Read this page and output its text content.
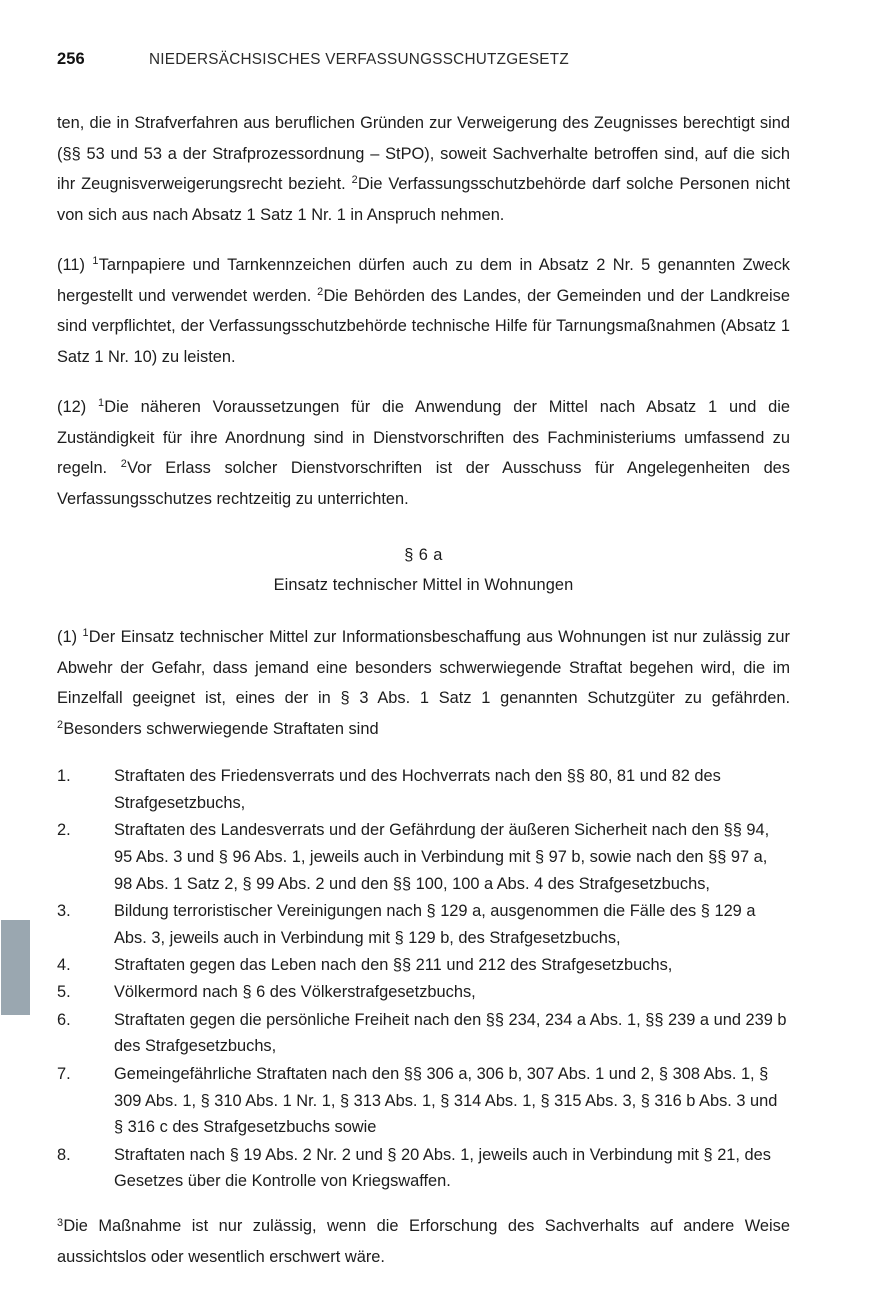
256	NIEDERSÄCHSISCHES VERFASSUNGSSCHUTZGESETZ

ten, die in Strafverfahren aus beruflichen Gründen zur Verweigerung des Zeugnisses berechtigt sind (§§ 53 und 53 a der Strafprozessordnung – StPO), soweit Sachverhalte betroffen sind, auf die sich ihr Zeugnisverweigerungsrecht bezieht. $^2$Die Verfassungsschutzbehörde darf solche Personen nicht von sich aus nach Absatz 1 Satz 1 Nr. 1 in Anspruch nehmen.

(11) $^1$Tarnpapiere und Tarnkennzeichen dürfen auch zu dem in Absatz 2 Nr. 5 genannten Zweck hergestellt und verwendet werden. $^2$Die Behörden des Landes, der Gemeinden und der Landkreise sind verpflichtet, der Verfassungsschutzbehörde technische Hilfe für Tarnungsmaßnahmen (Absatz 1 Satz 1 Nr. 10) zu leisten.

(12) $^1$Die näheren Voraussetzungen für die Anwendung der Mittel nach Absatz 1 und die Zuständigkeit für ihre Anordnung sind in Dienstvorschriften des Fachministeriums umfassend zu regeln. $^2$Vor Erlass solcher Dienstvorschriften ist der Ausschuss für Angelegenheiten des Verfassungsschutzes rechtzeitig zu unterrichten.

§ 6 a
Einsatz technischer Mittel in Wohnungen

(1) $^1$Der Einsatz technischer Mittel zur Informationsbeschaffung aus Wohnungen ist nur zulässig zur Abwehr der Gefahr, dass jemand eine besonders schwerwiegende Straftat begehen wird, die im Einzelfall geeignet ist, eines der in § 3 Abs. 1 Satz 1 genannten Schutzgüter zu gefährden. $^2$Besonders schwerwiegende Straftaten sind

1.	Straftaten des Friedensverrats und des Hochverrats nach den §§ 80, 81 und 82 des Strafgesetzbuchs,
2.	Straftaten des Landesverrats und der Gefährdung der äußeren Sicherheit nach den §§ 94, 95 Abs. 3 und § 96 Abs. 1, jeweils auch in Verbindung mit § 97 b, sowie nach den §§ 97 a, 98 Abs. 1 Satz 2, § 99 Abs. 2 und den §§ 100, 100 a Abs. 4 des Strafgesetzbuchs,
3.	Bildung terroristischer Vereinigungen nach § 129 a, ausgenommen die Fälle des § 129 a Abs. 3, jeweils auch in Verbindung mit § 129 b, des Strafgesetzbuchs,
4.	Straftaten gegen das Leben nach den §§ 211 und 212 des Strafgesetzbuchs,
5.	Völkermord nach § 6 des Völkerstrafgesetzbuchs,
6.	Straftaten gegen die persönliche Freiheit nach den §§ 234, 234 a Abs. 1, §§ 239 a und 239 b des Strafgesetzbuchs,
7.	Gemeingefährliche Straftaten nach den §§ 306 a, 306 b, 307 Abs. 1 und 2, § 308 Abs. 1, § 309 Abs. 1, § 310 Abs. 1 Nr. 1, § 313 Abs. 1, § 314 Abs. 1, § 315 Abs. 3, § 316 b Abs. 3 und § 316 c des Strafgesetzbuchs sowie
8.	Straftaten nach § 19 Abs. 2 Nr. 2 und § 20 Abs. 1, jeweils auch in Verbindung mit § 21, des Gesetzes über die Kontrolle von Kriegswaffen.

$^3$Die Maßnahme ist nur zulässig, wenn die Erforschung des Sachverhalts auf andere Weise aussichtslos oder wesentlich erschwert wäre.
